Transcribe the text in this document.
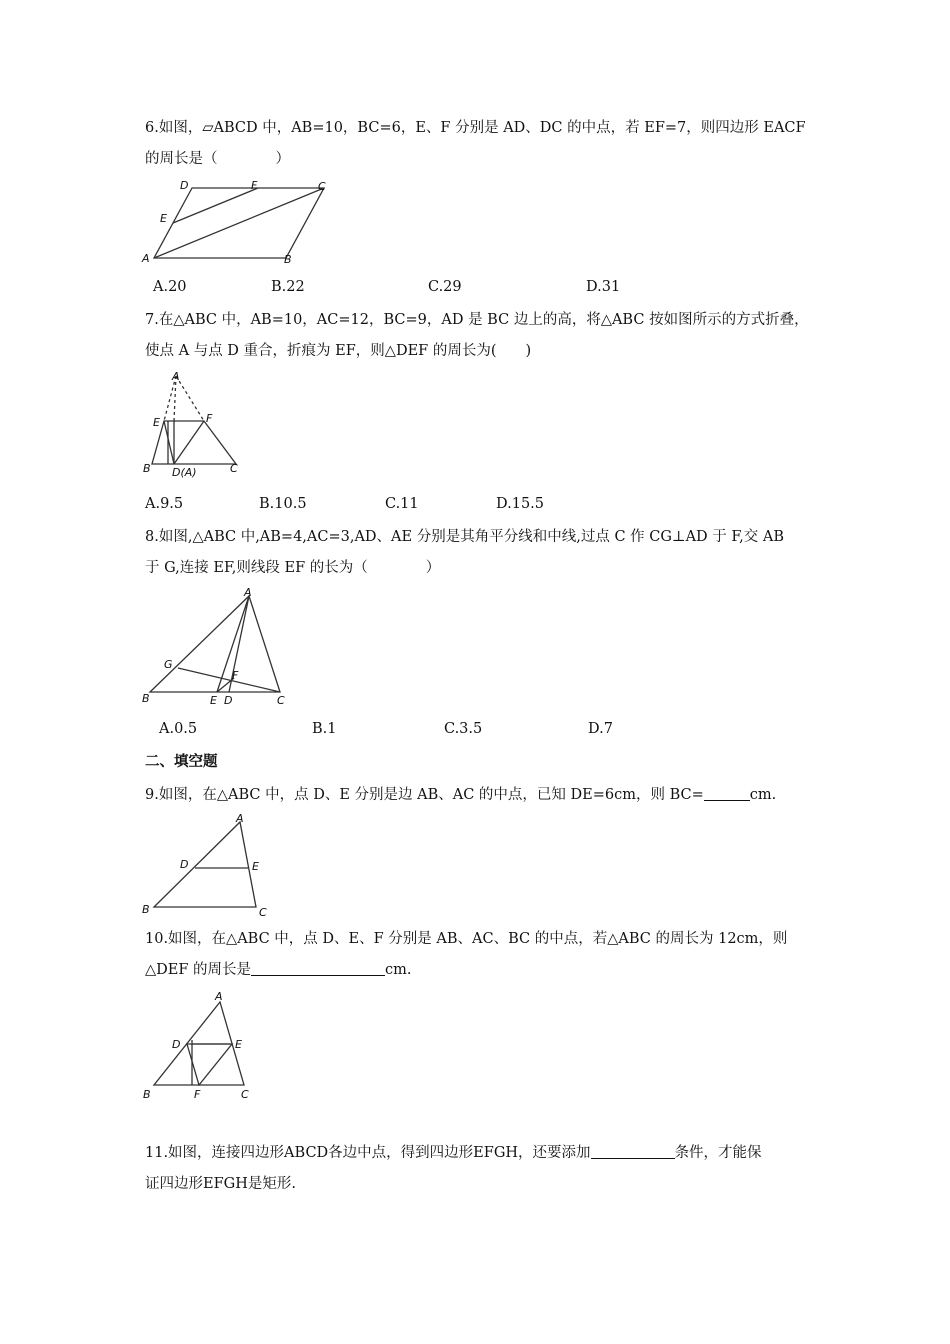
6.如图，▱ABCD 中，AB=10，BC=6，E、F 分别是 AD、DC 的中点，若 EF=7，则四边形 EACF
的周长是（　　　　）
A	B
C
D
E
F
A.20	B.22	C.29	D.31
7.在△ABC 中，AB=10，AC=12，BC=9，AD 是 BC 边上的高，将△ABC 按如图所示的方式折叠，
使点 A 与点 D 重合，折痕为 EF，则△DEF 的周长为(　　)
A
E	F
B D(A)	C
A.9.5	B.10.5	C.11	D.15.5
8.如图,△ABC 中,AB=4,AC=3,AD、AE 分别是其角平分线和中线,过点 C 作 CG⊥AD 于 F,交 AB
于 G,连接 EF,则线段 EF 的长为（　　　　）
A
G
F
B	E D	C
A.0.5	B.1	C.3.5	D.7
二、填空题
9.如图，在△ABC 中，点 D、E 分别是边 AB、AC 的中点，已知 DE=6cm，则 BC=	cm.
A
D	E
B	C
10.如图，在△ABC 中，点 D、E、F 分别是 AB、AC、BC 的中点，若△ABC 的周长为 12cm，则
△DEF 的周长是	cm.
A
D	E
B	F	C
11.如图，连接四边形ABCD各边中点，得到四边形EFGH，还要添加	条件，才能保
证四边形EFGH是矩形.
